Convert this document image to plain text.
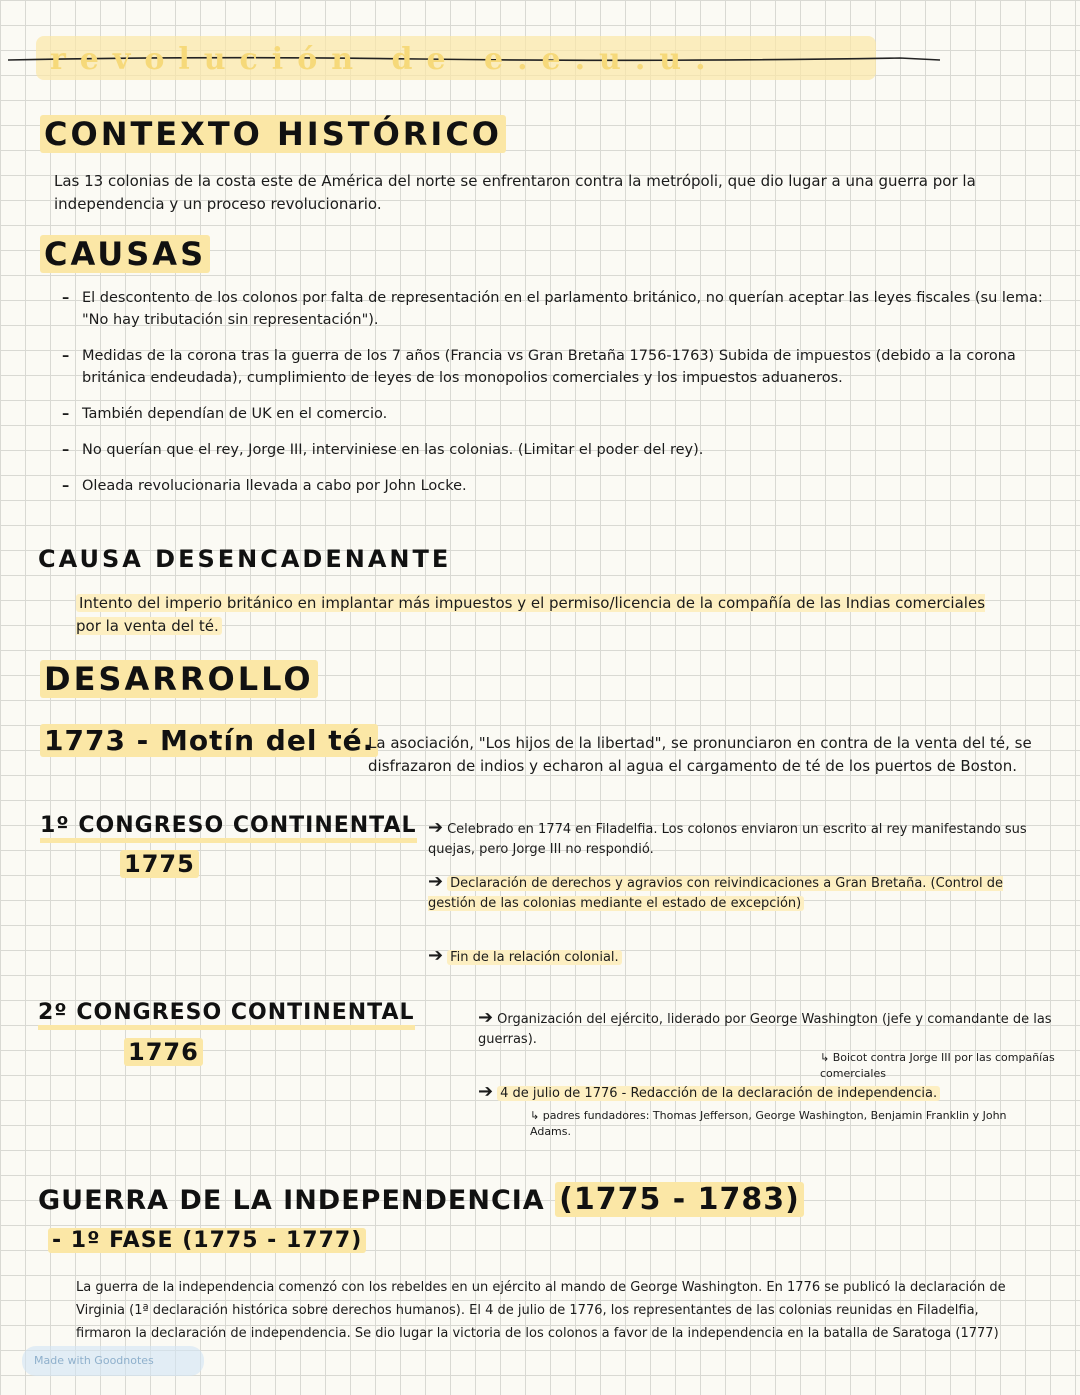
revolución de e.e.u.u.
CONTEXTO HISTÓRICO
Las 13 colonias de la costa este de América del norte se enfrentaron contra la metrópoli, que dio lugar a una guerra por la independencia y un proceso revolucionario.
CAUSAS
– El descontento de los colonos por falta de representación en el parlamento británico, no querían aceptar las leyes fiscales (su lema: "No hay tributación sin representación").
– Medidas de la corona tras la guerra de los 7 años (Francia vs Gran Bretaña 1756-1763) Subida de impuestos (debido a la corona británica endeudada), cumplimiento de leyes de los monopolios comerciales y los impuestos aduaneros.
– También dependían de UK en el comercio.
– No querían que el rey, Jorge III, interviniese en las colonias. (Limitar el poder del rey).
– Oleada revolucionaria llevada a cabo por John Locke.
CAUSA DESENCADENANTE
Intento del imperio británico en implantar más impuestos y el permiso/licencia de la compañía de las Indias comerciales por la venta del té.
DESARROLLO
1773 - Motín del té.
La asociación, "Los hijos de la libertad", se pronunciaron en contra de la venta del té, se disfrazaron de indios y echaron al agua el cargamento de té de los puertos de Boston.
1º CONGRESO CONTINENTAL
1775
➔ Celebrado en 1774 en Filadelfia. Los colonos enviaron un escrito al rey manifestando sus quejas, pero Jorge III no respondió.
➔ Declaración de derechos y agravios con reivindicaciones a Gran Bretaña. (Control de gestión de las colonias mediante el estado de excepción)
➔ Fin de la relación colonial.
2º CONGRESO CONTINENTAL
1776
➔ Organización del ejército, liderado por George Washington (jefe y comandante de las guerras).
↳ Boicot contra Jorge III por las compañías comerciales
➔ 4 de julio de 1776 - Redacción de la declaración de independencia.
↳ padres fundadores: Thomas Jefferson, George Washington, Benjamin Franklin y John Adams.
GUERRA DE LA INDEPENDENCIA (1775 - 1783)
- 1º FASE (1775 - 1777)
La guerra de la independencia comenzó con los rebeldes en un ejército al mando de George Washington. En 1776 se publicó la declaración de Virginia (1ª declaración histórica sobre derechos humanos). El 4 de julio de 1776, los representantes de las colonias reunidas en Filadelfia, firmaron la declaración de independencia. Se dio lugar la victoria de los colonos a favor de la independencia en la batalla de Saratoga (1777)
Made with Goodnotes
